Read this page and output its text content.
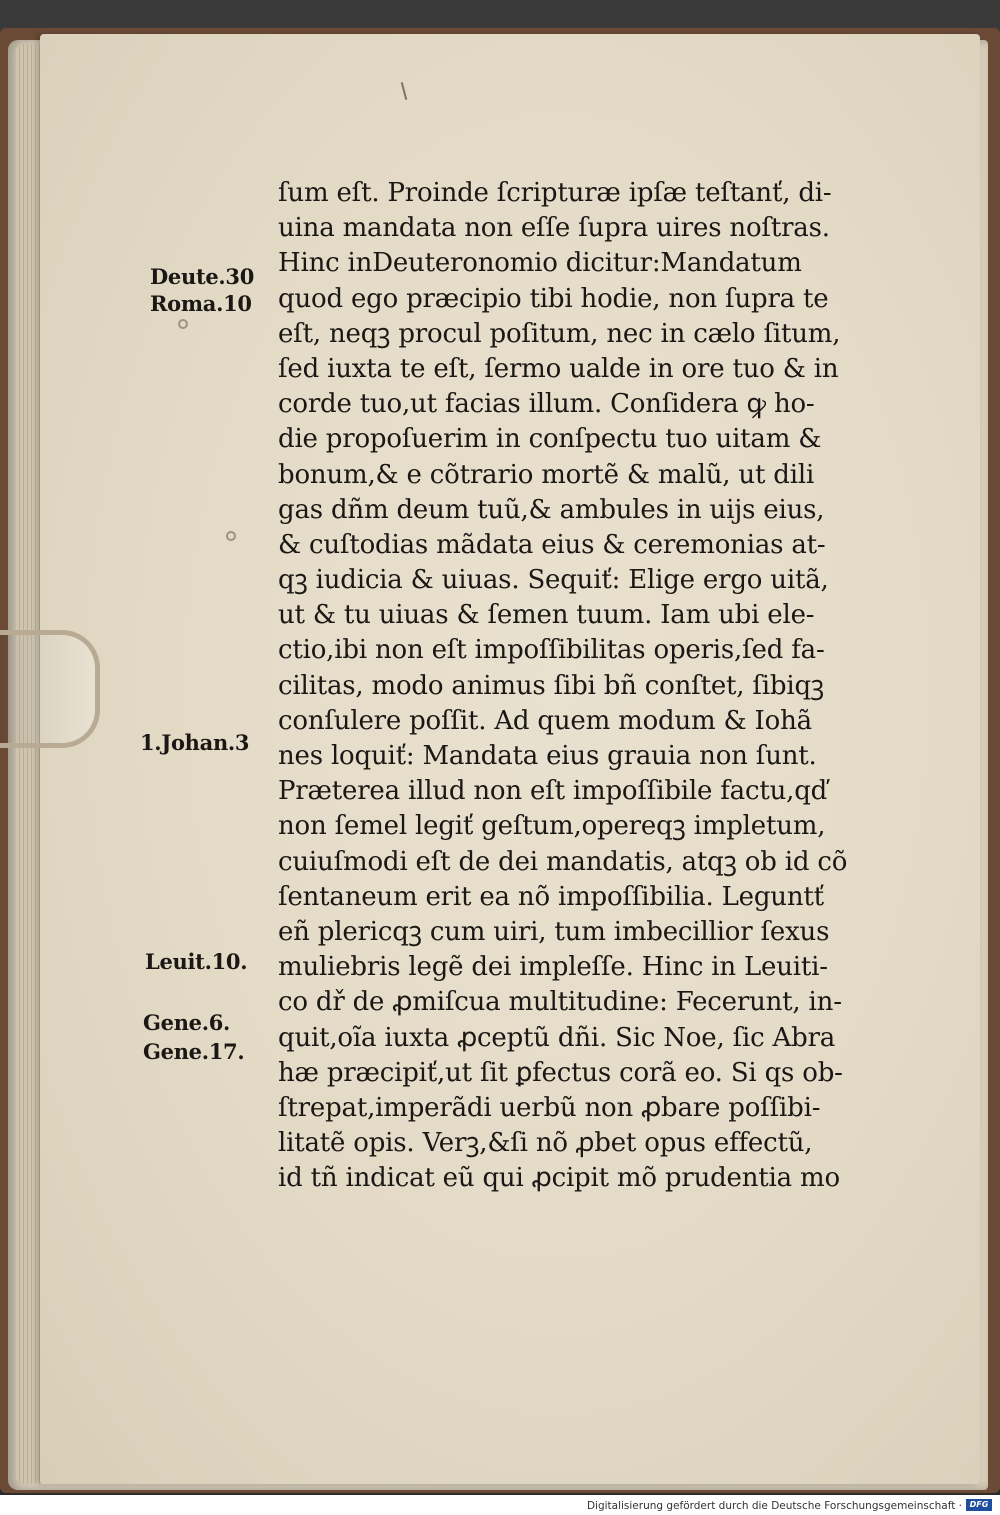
Deute.30
Roma.10
1.Johan.3
Leuit.10.
Gene.6.
Gene.17.
ſum eſt. Proinde ſcripturæ ipſæ teſtanť, di-
uina mandata non eſſe ſupra uires noſtras.
Hinc inDeuteronomio dicitur:Mandatum
quod ego præcipio tibi hodie, non ſupra te
eſt, neqꝫ procul poſitum, nec in cælo ſitum,
ſed iuxta te eſt, ſermo ualde in ore tuo & in
corde tuo,ut facias illum. Conſidera ꝙ ho-
die propoſuerim in conſpectu tuo uitam &
bonum,& e cõtrario mortẽ & malũ, ut dili
gas dñm deum tuũ,& ambules in uijs eius,
& cuſtodias mãdata eius & ceremonias at-
qꝫ iudicia & uiuas. Sequiť: Elige ergo uitã,
ut & tu uiuas & ſemen tuum. Iam ubi ele-
ctio,ibi non eſt impoſſibilitas operis,ſed fa-
cilitas, modo animus ſibi bñ conſtet, ſibiqꝫ
conſulere poſſit. Ad quem modum & Iohã
nes loquiť: Mandata eius grauia non ſunt.
Præterea illud non eſt impoſſibile factu,qď
non ſemel legiť geſtum,opereqꝫ impletum,
cuiuſmodi eſt de dei mandatis, atqꝫ ob id cõ
ſentaneum erit ea nõ impoſſibilia. Leguntť
eñ plericqꝫ cum uiri, tum imbecillior ſexus
muliebris legẽ dei impleſſe. Hinc in Leuiti-
co dř de ꝓmiſcua multitudine: Fecerunt, in-
quit,oĩa iuxta ꝓceptũ dñi. Sic Noe, ſic Abra
hæ præcipiť,ut ſit ꝑfectus corã eo. Si qs ob-
ſtrepat,imperãdi uerbũ non ꝓbare poſſibi-
litatẽ opis. Verꝫ,&ſi nõ ꝓbet opus effectũ,
id tñ indicat eũ qui ꝓcipit mõ prudentia mo
Digitalisierung gefördert durch die Deutsche Forschungsgemeinschaft · DFG
